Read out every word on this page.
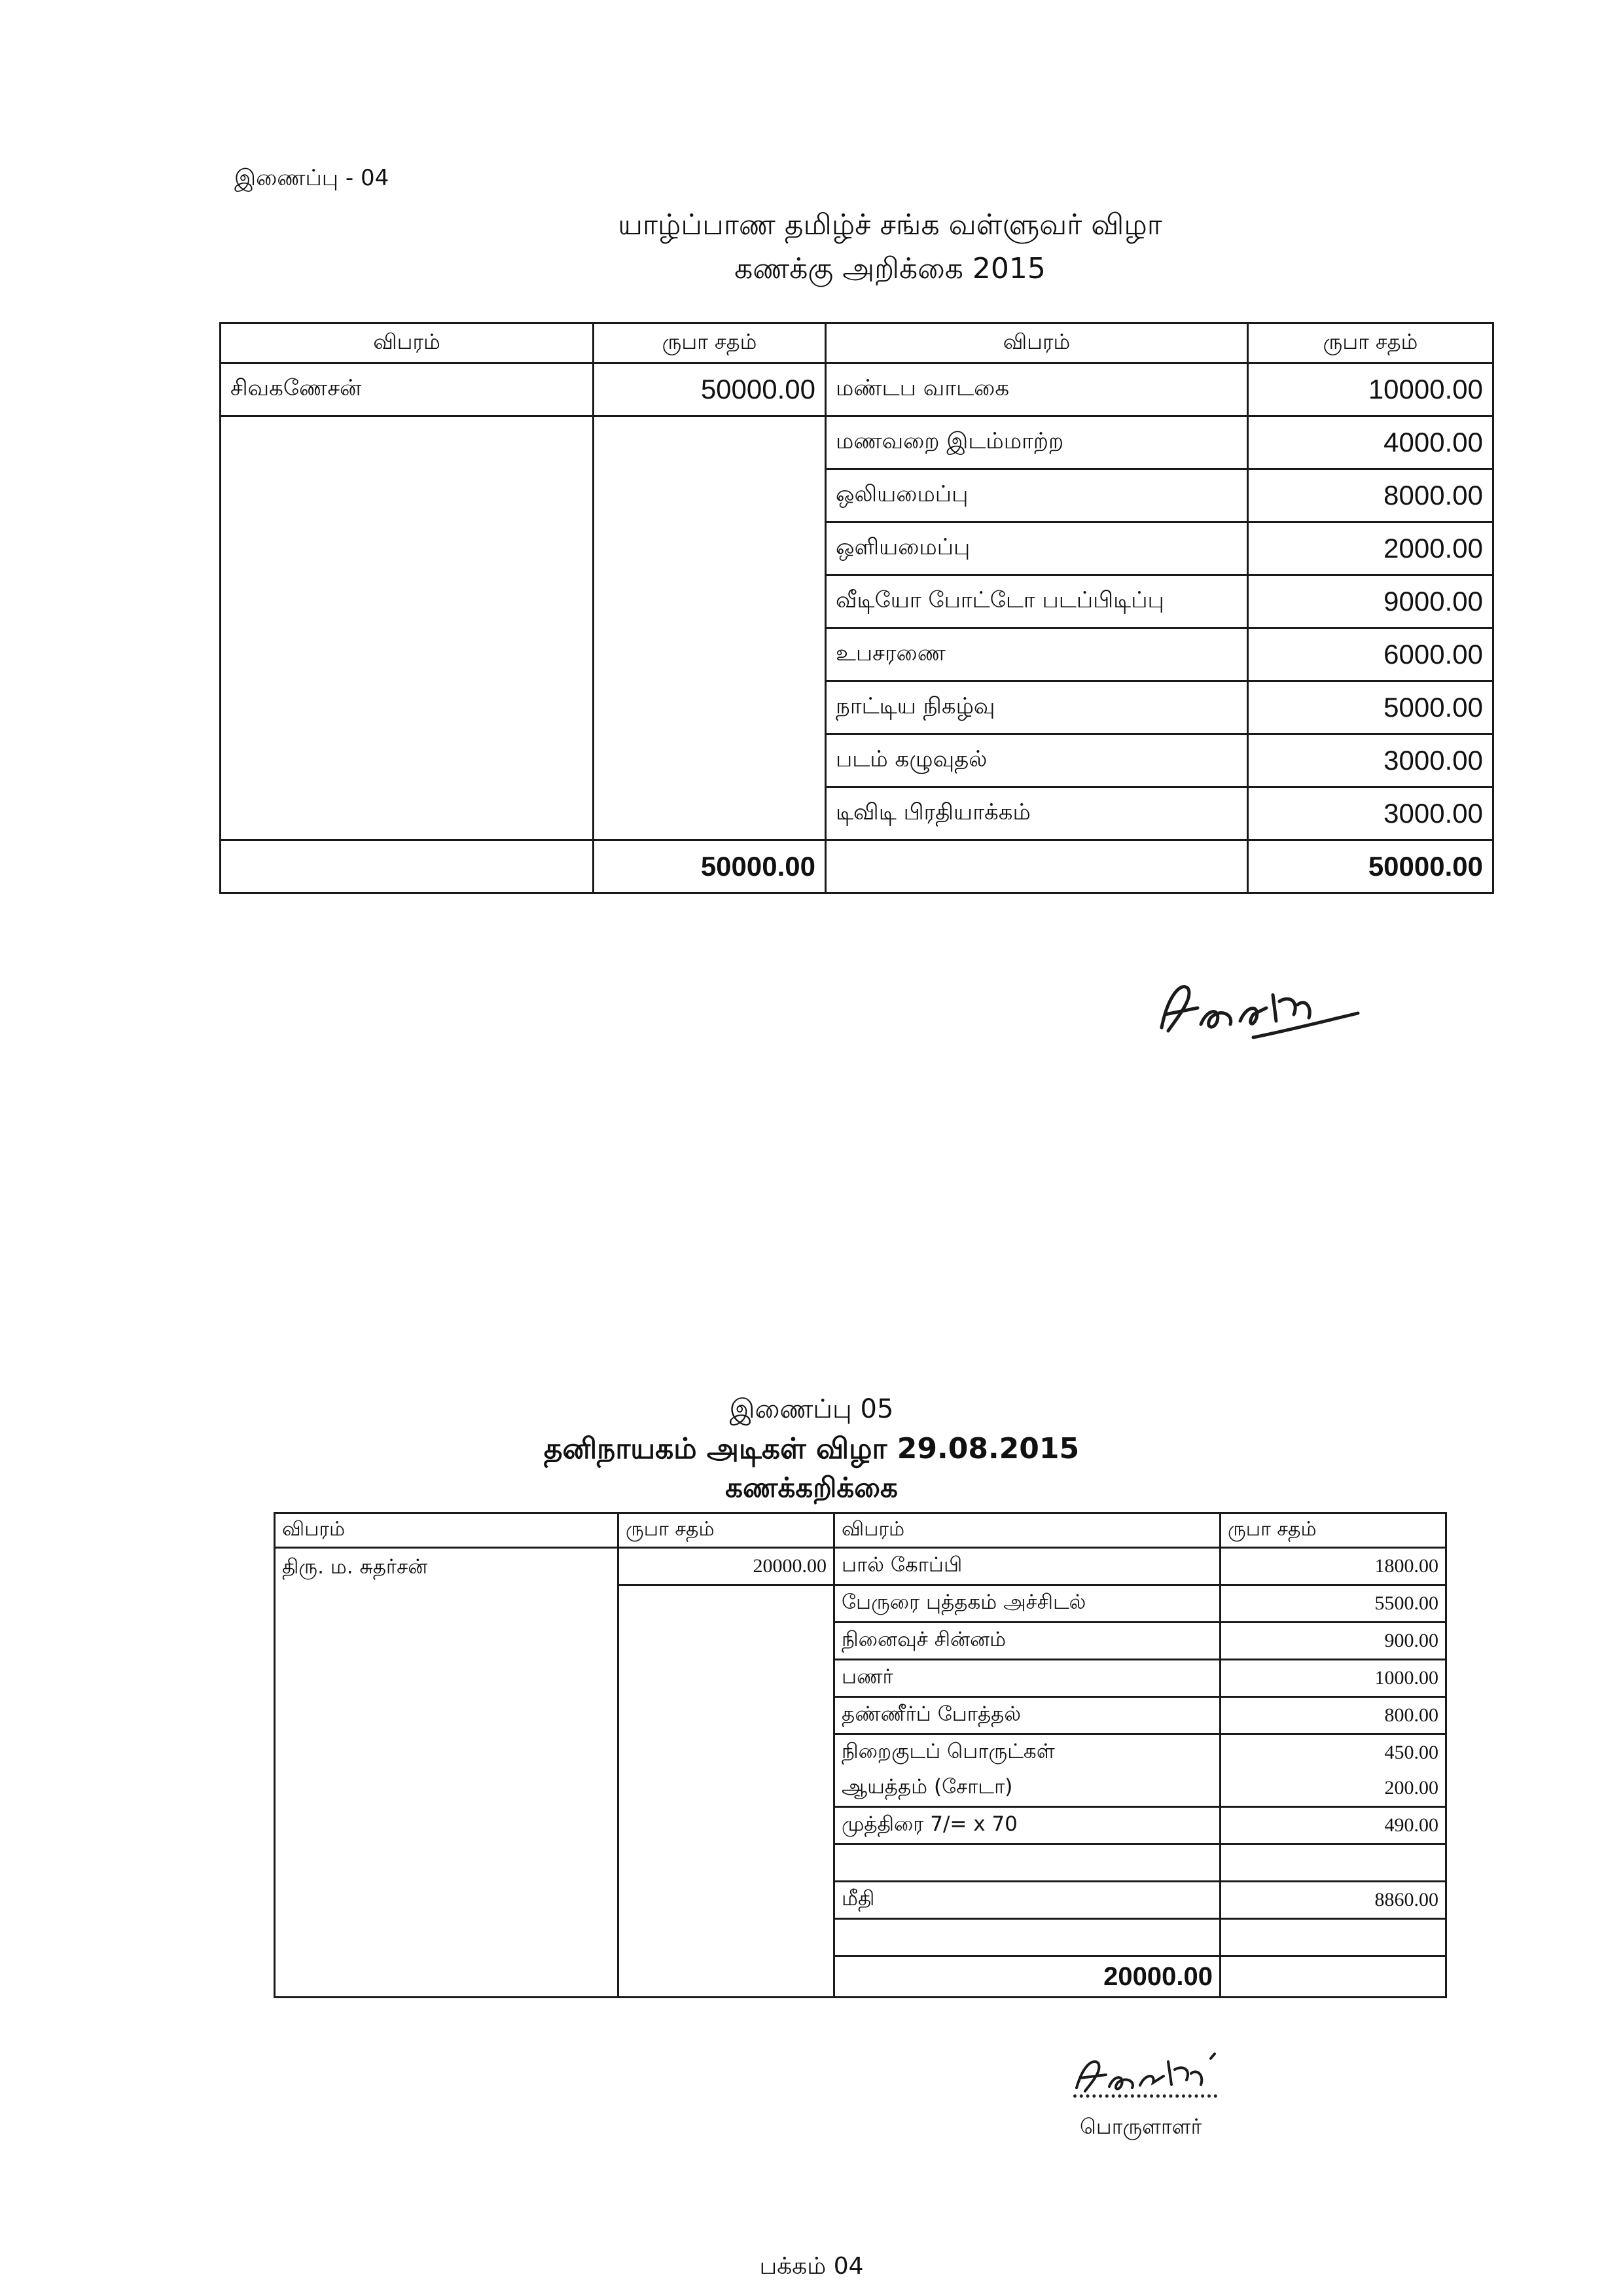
இணைப்பு - 04
யாழ்ப்பாண தமிழ்ச் சங்க வள்ளுவர் விழா
கணக்கு அறிக்கை 2015
விபரம்	ருபா சதம்	விபரம்	ருபா சதம்
சிவகணேசன்	50000.00	மண்டப வாடகை	10000.00
		மணவறை இடம்மாற்ற	4000.00
		ஒலியமைப்பு	8000.00
		ஒளியமைப்பு	2000.00
		வீடியோ போட்டோ படப்பிடிப்பு	9000.00
		உபசரணை	6000.00
		நாட்டிய நிகழ்வு	5000.00
		படம் கழுவுதல்	3000.00
		டிவிடி பிரதியாக்கம்	3000.00
	50000.00		50000.00
இணைப்பு 05
தனிநாயகம் அடிகள் விழா 29.08.2015
கணக்கறிக்கை
விபரம்	ருபா சதம்	விபரம்	ருபா சதம்	
திரு. ம. சுதர்சன்	20000.00	பால் கோப்பி	1800.00	
		பேருரை புத்தகம் அச்சிடல்	5500.00	
		நினைவுச் சின்னம்	900.00	
		பணர்	1000.00	
		தண்ணீர்ப் போத்தல்	800.00	
		நிறைகுடப் பொருட்கள்	450.00	
		ஆயத்தம் (சோடா)	200.00	
		முத்திரை 7/= x 70	490.00	

		மீதி	8860.00	

		20000.00		
பொருளாளர்
பக்கம் 04
